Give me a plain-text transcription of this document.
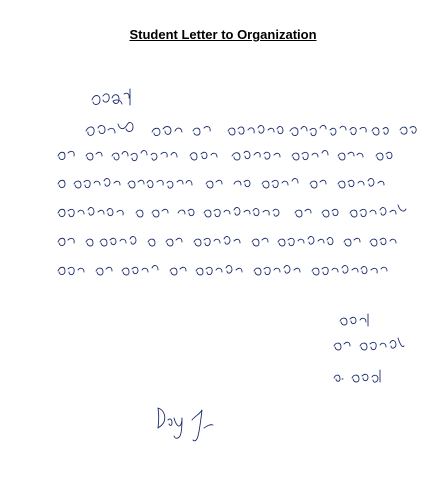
Student Letter to Organization
